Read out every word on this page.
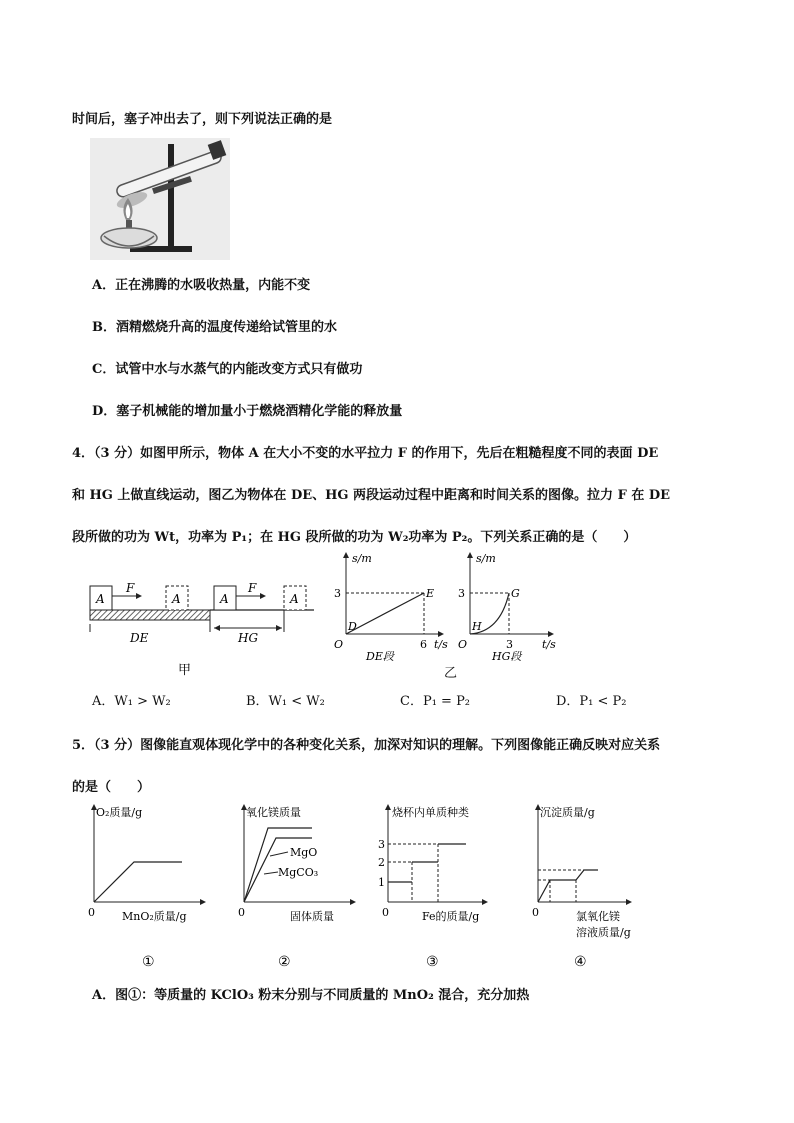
时间后，塞子冲出去了，则下列说法正确的是
A．正在沸腾的水吸收热量，内能不变
B．酒精燃烧升高的温度传递给试管里的水
C．试管中水与水蒸气的内能改变方式只有做功
D．塞子机械能的增加量小于燃烧酒精化学能的释放量
4．（3 分）如图甲所示，物体 A 在大小不变的水平拉力 F 的作用下，先后在粗糙程度不同的表面 DE
和 HG 上做直线运动，图乙为物体在 DE、HG 两段运动过程中距离和时间关系的图像。拉力 F 在 DE
段所做的功为 Wt，功率为 P₁；在 HG 段所做的功为 W₂功率为 P₂。下列关系正确的是（　　）
A
F
A	A
F
A
DE	HG
甲
s/m
O
3
6 t/s
D
E
DE段
s/m
O
3
3	t/s
H
G
HG段
乙
A．W₁ > W₂	B．W₁ < W₂	C．P₁ = P₂	D．P₁ < P₂
5．（3 分）图像能直观体现化学中的各种变化关系，加深对知识的理解。下列图像能正确反映对应关系
的是（　　）
O₂质量/g
0 MnO₂质量/g
①
氧化镁质量
0	固体质量
MgO
MgCO₃
②
烧杯内单质种类
0	Fe的质量/g
1
2
3
③
沉淀质量/g
0	氯氧化镁
溶液质量/g
④
A．图①：等质量的 KClO₃ 粉末分别与不同质量的 MnO₂ 混合，充分加热
